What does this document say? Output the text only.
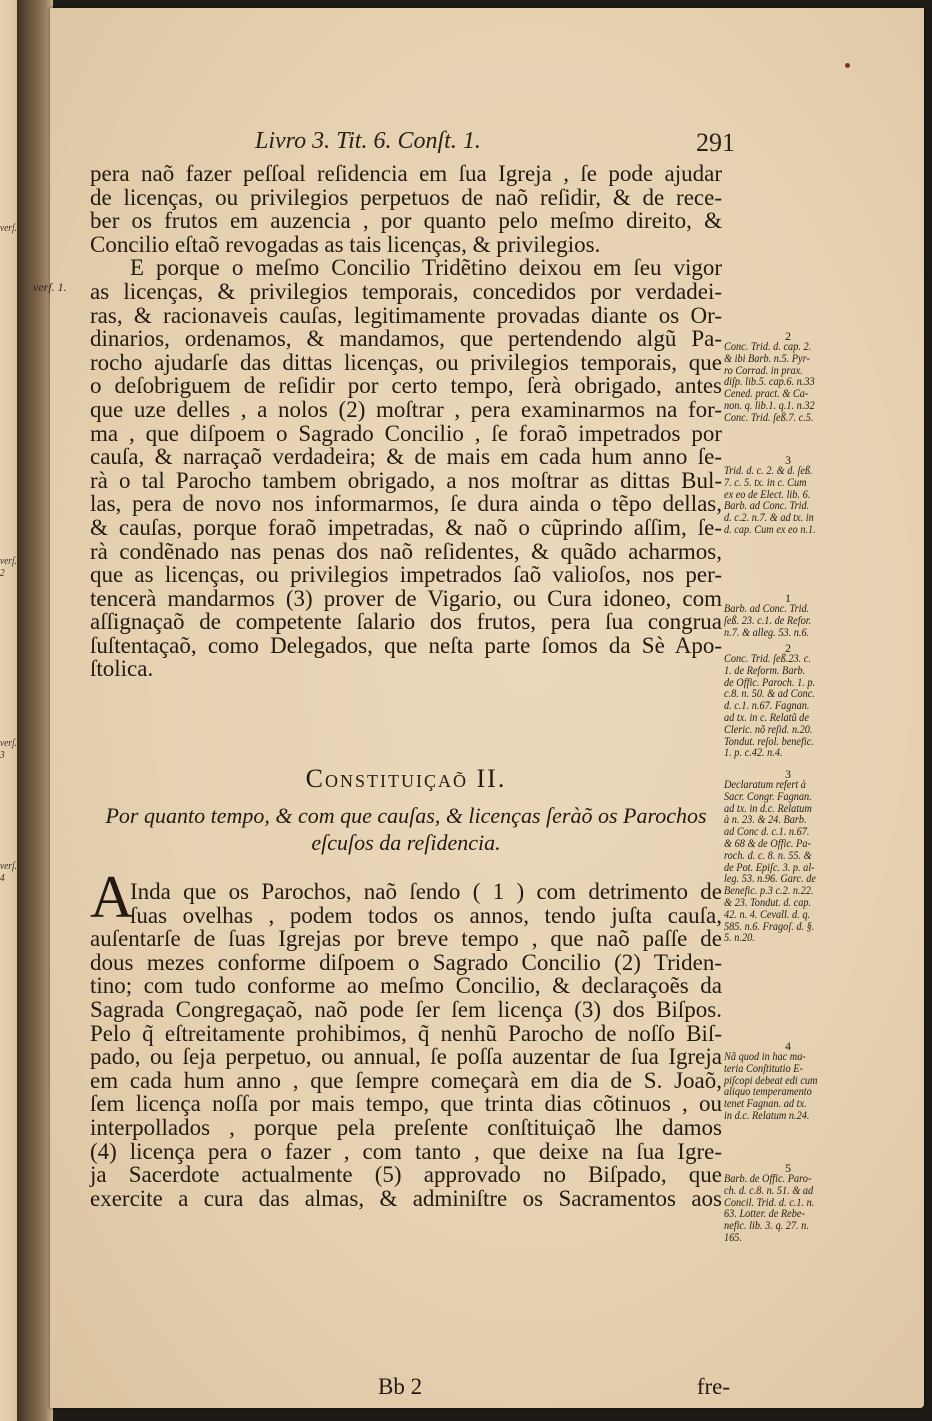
verſ.
verſ. 2
verſ. 3
verſ. 4
Livro 3. Tit. 6. Conſt. 1.	291
verſ. 1.
pera naõ fazer peſſoal reſidencia em ſua Igreja , ſe pode ajudar
de licenças, ou privilegios perpetuos de naõ reſidir, & de rece-
ber os frutos em auzencia , por quanto pelo meſmo direito, &
Concilio eſtaõ revogadas as tais licenças, & privilegios.
E porque o meſmo Concilio Tridẽtino deixou em ſeu vigor
as licenças, & privilegios temporais, concedidos por verdadei-
ras, & racionaveis cauſas, legitimamente provadas diante os Or-
dinarios, ordenamos, & mandamos, que pertendendo algũ Pa-
rocho ajudarſe das dittas licenças, ou privilegios temporais, que
o deſobriguem de reſidir por certo tempo, ſerà obrigado, antes
que uze delles , a nolos (2) moſtrar , pera examinarmos na for-
ma , que diſpoem o Sagrado Concilio , ſe foraõ impetrados por
cauſa, & narraçaõ verdadeira; & de mais em cada hum anno ſe-
rà o tal Parocho tambem obrigado, a nos moſtrar as dittas Bul-
las, pera de novo nos informarmos, ſe dura ainda o tẽpo dellas,
& cauſas, porque foraõ impetradas, & naõ o cũprindo aſſim, ſe-
rà condẽnado nas penas dos naõ reſidentes, & quãdo acharmos,
que as licenças, ou privilegios impetrados ſaõ valioſos, nos per-
tencerà mandarmos (3) prover de Vigario, ou Cura idoneo, com
aſſignaçaõ de competente ſalario dos frutos, pera ſua congrua
ſuſtentaçaõ, como Delegados, que neſta parte ſomos da Sè Apo-
ſtolica.
Constituiçaõ II.
Por quanto tempo, & com que cauſas, & licenças ſeràõ os Parochos
eſcuſos da reſidencia.
A
Inda que os Parochos, naõ ſendo ( 1 ) com detrimento de
ſuas ovelhas , podem todos os annos, tendo juſta cauſa,
auſentarſe de ſuas Igrejas por breve tempo , que naõ paſſe de
dous mezes conforme diſpoem o Sagrado Concilio (2) Triden-
tino; com tudo conforme ao meſmo Concilio, & declaraçoẽs da
Sagrada Congregaçaõ, naõ pode ſer ſem licença (3) dos Biſpos.
Pelo q̃ eſtreitamente prohibimos, q̃ nenhũ Parocho de noſſo Biſ-
pado, ou ſeja perpetuo, ou annual, ſe poſſa auzentar de ſua Igreja
em cada hum anno , que ſempre começarà em dia de S. Joaõ,
ſem licença noſſa por mais tempo, que trinta dias cõtinuos , ou
interpollados , porque pela preſente conſtituiçaõ lhe damos
(4) licença pera o fazer , com tanto , que deixe na ſua Igre-
ja Sacerdote actualmente (5) approvado no Biſpado, que
exercite a cura das almas, & adminiſtre os Sacramentos aos
Bb 2	fre-
2
Conc. Trid. d. cap. 2.
& ibi Barb. n.5. Pyr-
ro Corrad. in prax.
diſp. lib.5. cap.6. n.33
Cened. pract. & Ca-
non. q. lib.1. q.1. n.32
Conc. Trid. ſeß.7. c.5.
3
Trid. d. c. 2. & d. ſeß.
7. c. 5. tx. in c. Cum
ex eo de Elect. lib. 6.
Barb. ad Conc. Trid.
d. c.2. n.7. & ad tx. in
d. cap. Cum ex eo n.1.
1
Barb. ad Conc. Trid.
ſeß. 23. c.1. de Refor.
n.7. & alleg. 53. n.6.
2
Conc. Trid. ſeß.23. c.
1. de Reform. Barb.
de Offic. Paroch. 1. p.
c.8. n. 50. & ad Conc.
d. c.1. n.67. Fagnan.
ad tx. in c. Relatũ de
Cleric. nõ reſid. n.20.
Tondut. reſol. benefic.
1. p. c.42. n.4.
3
Declaratum refert à
Sacr. Congr. Fagnan.
ad tx. in d.c. Relatum
à n. 23. & 24. Barb.
ad Conc d. c.1. n.67.
& 68 & de Offic. Pa-
roch. d. c. 8. n. 55. &
de Pot. Epiſc. 3. p. al-
leg. 53. n.96. Garc. de
Benefic. p.3 c.2. n.22.
& 23. Tondut. d. cap.
42. n. 4. Cevall. d. q.
585. n.6. Fragoſ. d. §.
5. n.20.
4
Nã quod in hac ma-
teria Conſtitutio E-
piſcopi debeat edi cum
aliquo temperamento
tenet Fagnan. ad tx.
in d.c. Relatum n.24.
5
Barb. de Offic. Paro-
ch. d. c.8. n. 51. & ad
Concil. Trid. d. c.1. n.
63. Lotter. de Rebe-
nefic. lib. 3. q. 27. n.
165.
